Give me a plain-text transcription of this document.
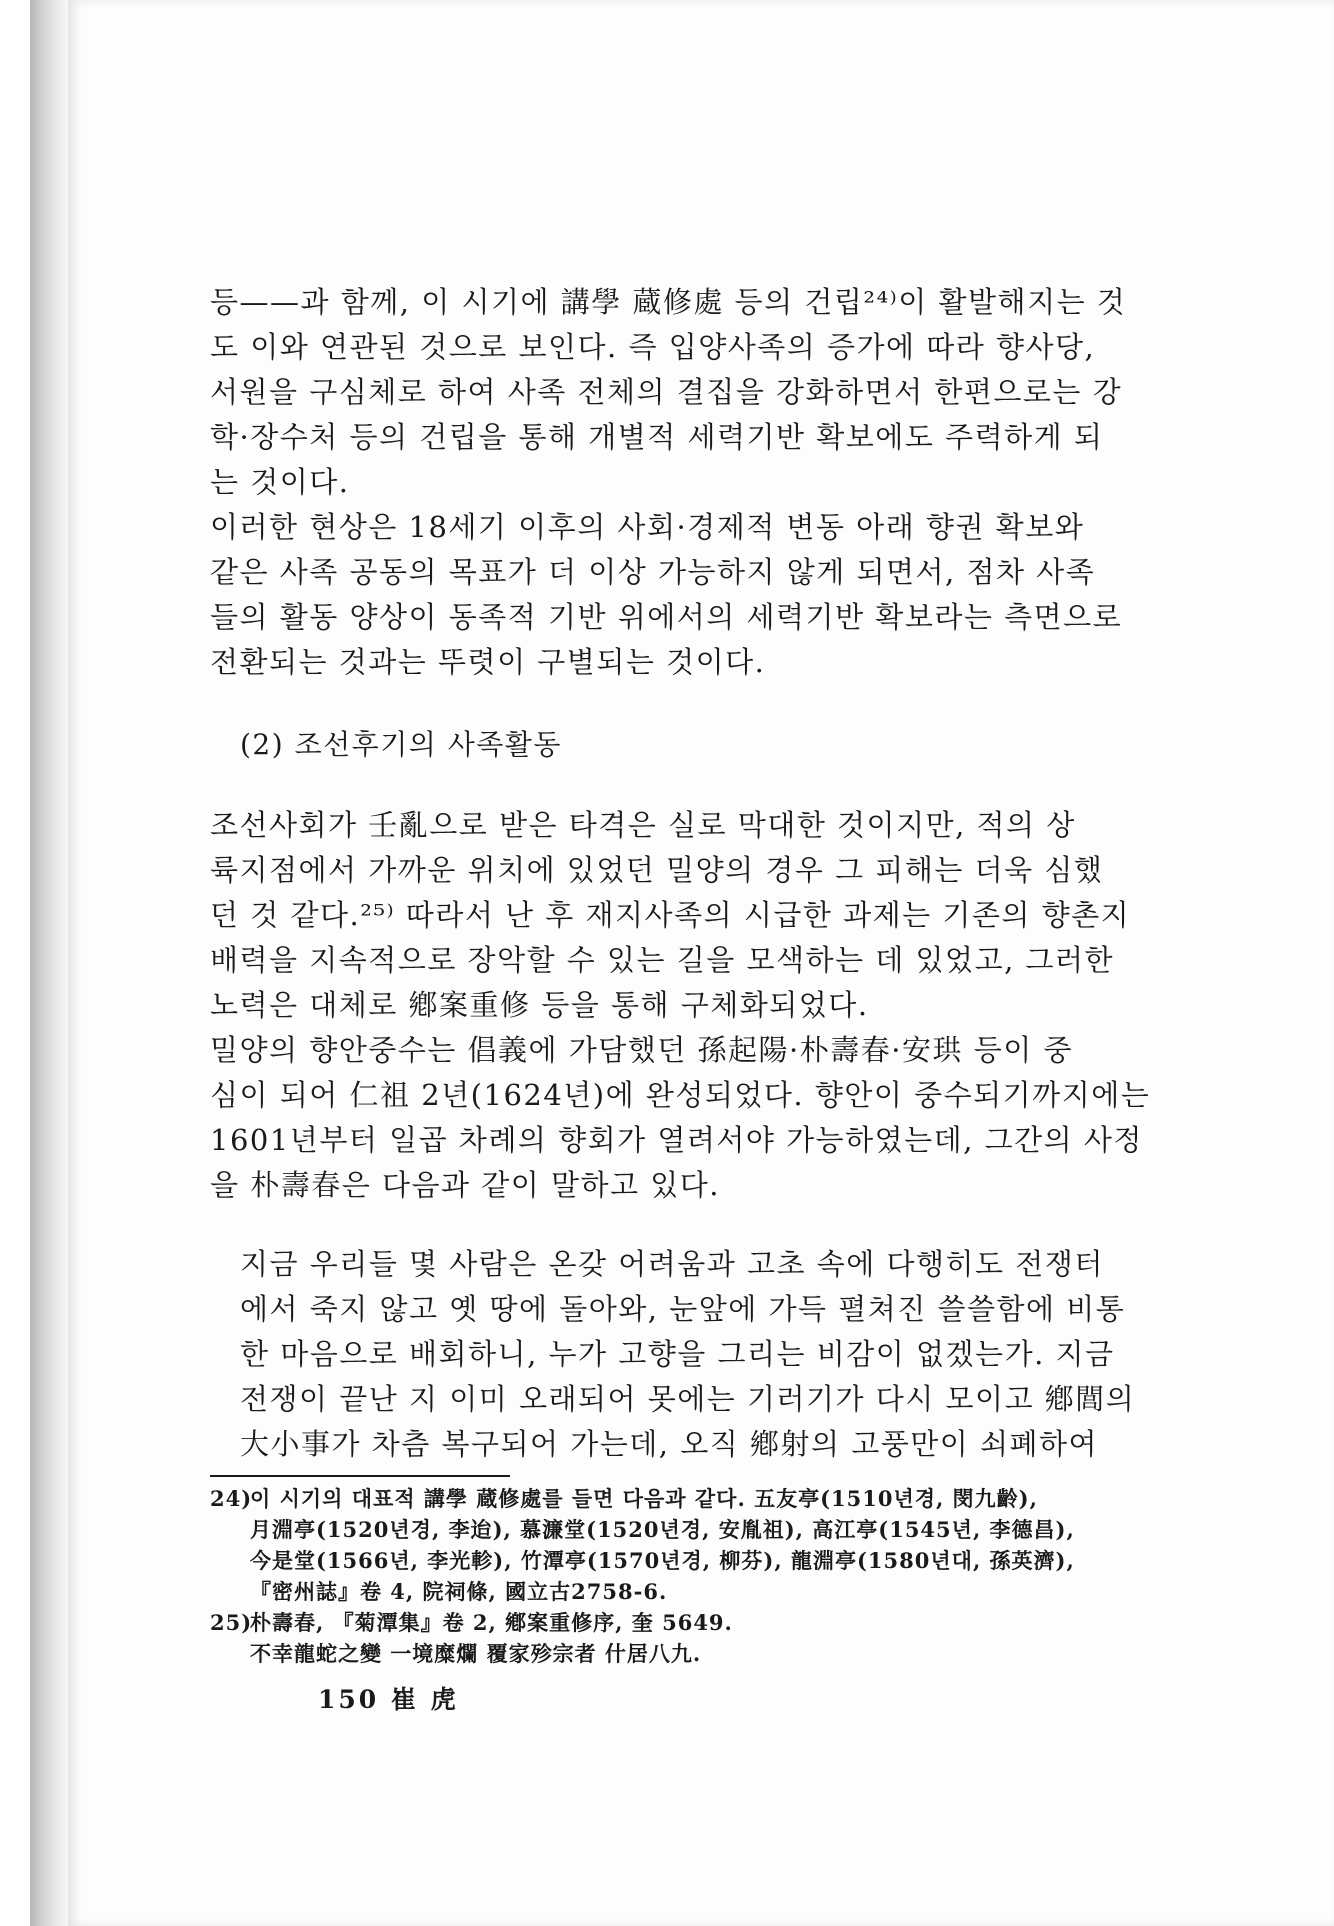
등——과 함께, 이 시기에 講學 蔵修處 등의 건립²⁴⁾이 활발해지는 것
도 이와 연관된 것으로 보인다. 즉 입양사족의 증가에 따라 향사당,
서원을 구심체로 하여 사족 전체의 결집을 강화하면서 한편으로는 강
학·장수처 등의 건립을 통해 개별적 세력기반 확보에도 주력하게 되
는 것이다.

이러한 현상은 18세기 이후의 사회·경제적 변동 아래 향권 확보와
같은 사족 공동의 목표가 더 이상 가능하지 않게 되면서, 점차 사족
들의 활동 양상이 동족적 기반 위에서의 세력기반 확보라는 측면으로
전환되는 것과는 뚜렷이 구별되는 것이다.

(2) 조선후기의 사족활동

조선사회가 壬亂으로 받은 타격은 실로 막대한 것이지만, 적의 상
륙지점에서 가까운 위치에 있었던 밀양의 경우 그 피해는 더욱 심했
던 것 같다.²⁵⁾ 따라서 난 후 재지사족의 시급한 과제는 기존의 향촌지
배력을 지속적으로 장악할 수 있는 길을 모색하는 데 있었고, 그러한
노력은 대체로 鄕案重修 등을 통해 구체화되었다.

밀양의 향안중수는 倡義에 가담했던 孫起陽·朴壽春·安珙 등이 중
심이 되어 仁祖 2년(1624년)에 완성되었다. 향안이 중수되기까지에는
1601년부터 일곱 차례의 향회가 열려서야 가능하였는데, 그간의 사정
을 朴壽春은 다음과 같이 말하고 있다.

지금 우리들 몇 사람은 온갖 어려움과 고초 속에 다행히도 전쟁터
에서 죽지 않고 옛 땅에 돌아와, 눈앞에 가득 펼쳐진 쓸쓸함에 비통
한 마음으로 배회하니, 누가 고향을 그리는 비감이 없겠는가. 지금
전쟁이 끝난 지 이미 오래되어 못에는 기러기가 다시 모이고 鄕閭의
大小事가 차츰 복구되어 가는데, 오직 鄕射의 고풍만이 쇠폐하여

24)이 시기의 대표적 講學 蔵修處를 들면 다음과 같다. 五友亭(1510년경, 閔九齡),

月淵亭(1520년경, 李迨), 慕濂堂(1520년경, 安胤祖), 高江亭(1545년, 李德昌),
今是堂(1566년, 李光軫), 竹潭亭(1570년경, 柳芬), 龍淵亭(1580년대, 孫英濟),
『密州誌』卷 4, 院祠條, 國立古2758-6.

25)朴壽春, 『菊潭集』卷 2, 鄕案重修序, 奎 5649.

不幸龍蛇之變 一境糜爛 覆家殄宗者 什居八九.

150 崔 虎
